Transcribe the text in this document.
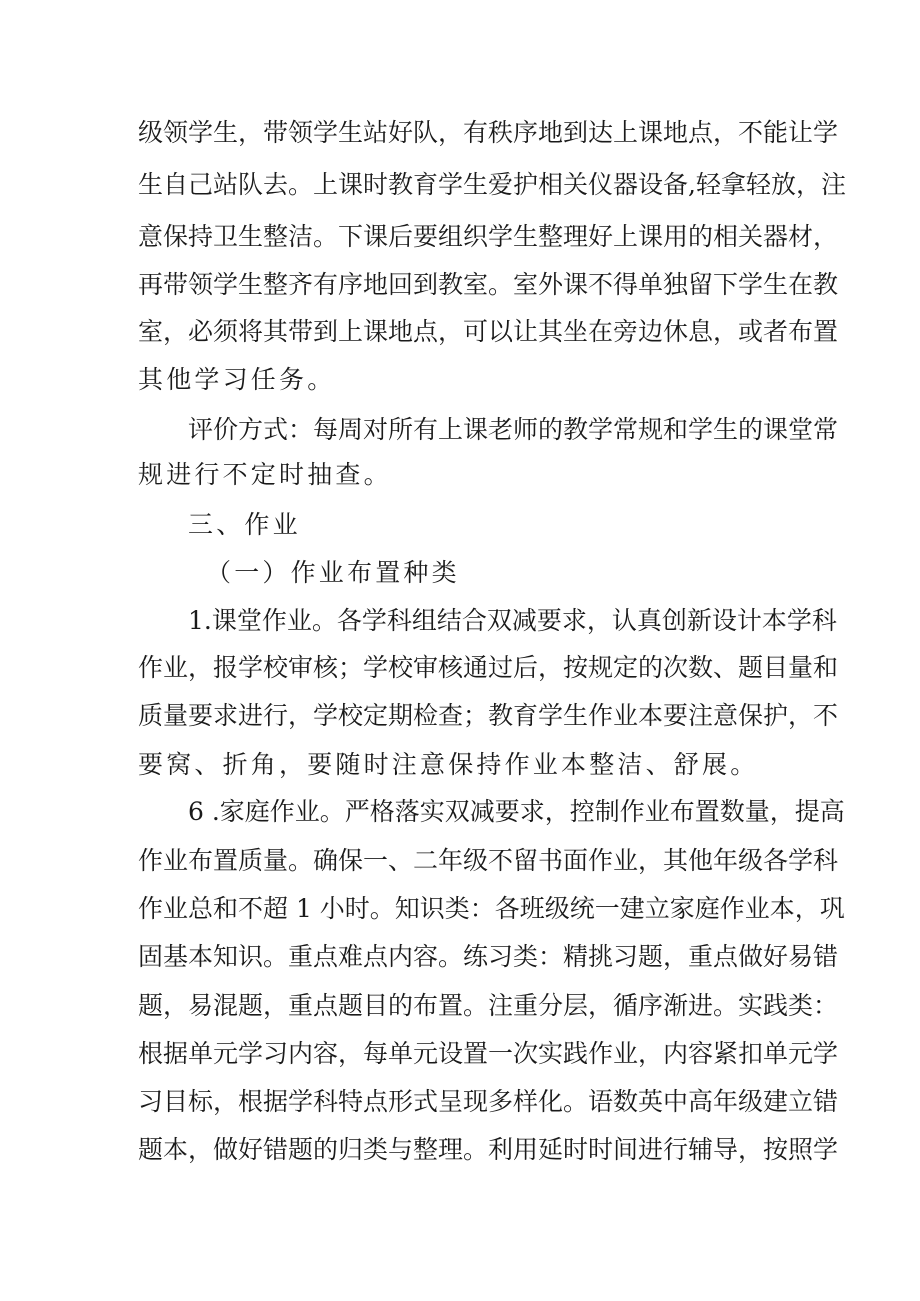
级领学生，带领学生站好队，有秩序地到达上课地点，不能让学
生自己站队去。上课时教育学生爱护相关仪器设备,轻拿轻放，注
意保持卫生整洁。下课后要组织学生整理好上课用的相关器材，
再带领学生整齐有序地回到教室。室外课不得单独留下学生在教
室，必须将其带到上课地点，可以让其坐在旁边休息，或者布置
其他学习任务。
评价方式：每周对所有上课老师的教学常规和学生的课堂常
规进行不定时抽查。
三、作业
（一）作业布置种类
1.课堂作业。各学科组结合双减要求，认真创新设计本学科
作业，报学校审核；学校审核通过后，按规定的次数、题目量和
质量要求进行，学校定期检查；教育学生作业本要注意保护，不
要窝、折角，要随时注意保持作业本整洁、舒展。
6 .家庭作业。严格落实双减要求，控制作业布置数量，提高
作业布置质量。确保一、二年级不留书面作业，其他年级各学科
作业总和不超 1 小时。知识类：各班级统一建立家庭作业本，巩
固基本知识。重点难点内容。练习类：精挑习题，重点做好易错
题，易混题，重点题目的布置。注重分层，循序渐进。实践类：
根据单元学习内容，每单元设置一次实践作业，内容紧扣单元学
习目标，根据学科特点形式呈现多样化。语数英中高年级建立错
题本，做好错题的归类与整理。利用延时时间进行辅导，按照学
